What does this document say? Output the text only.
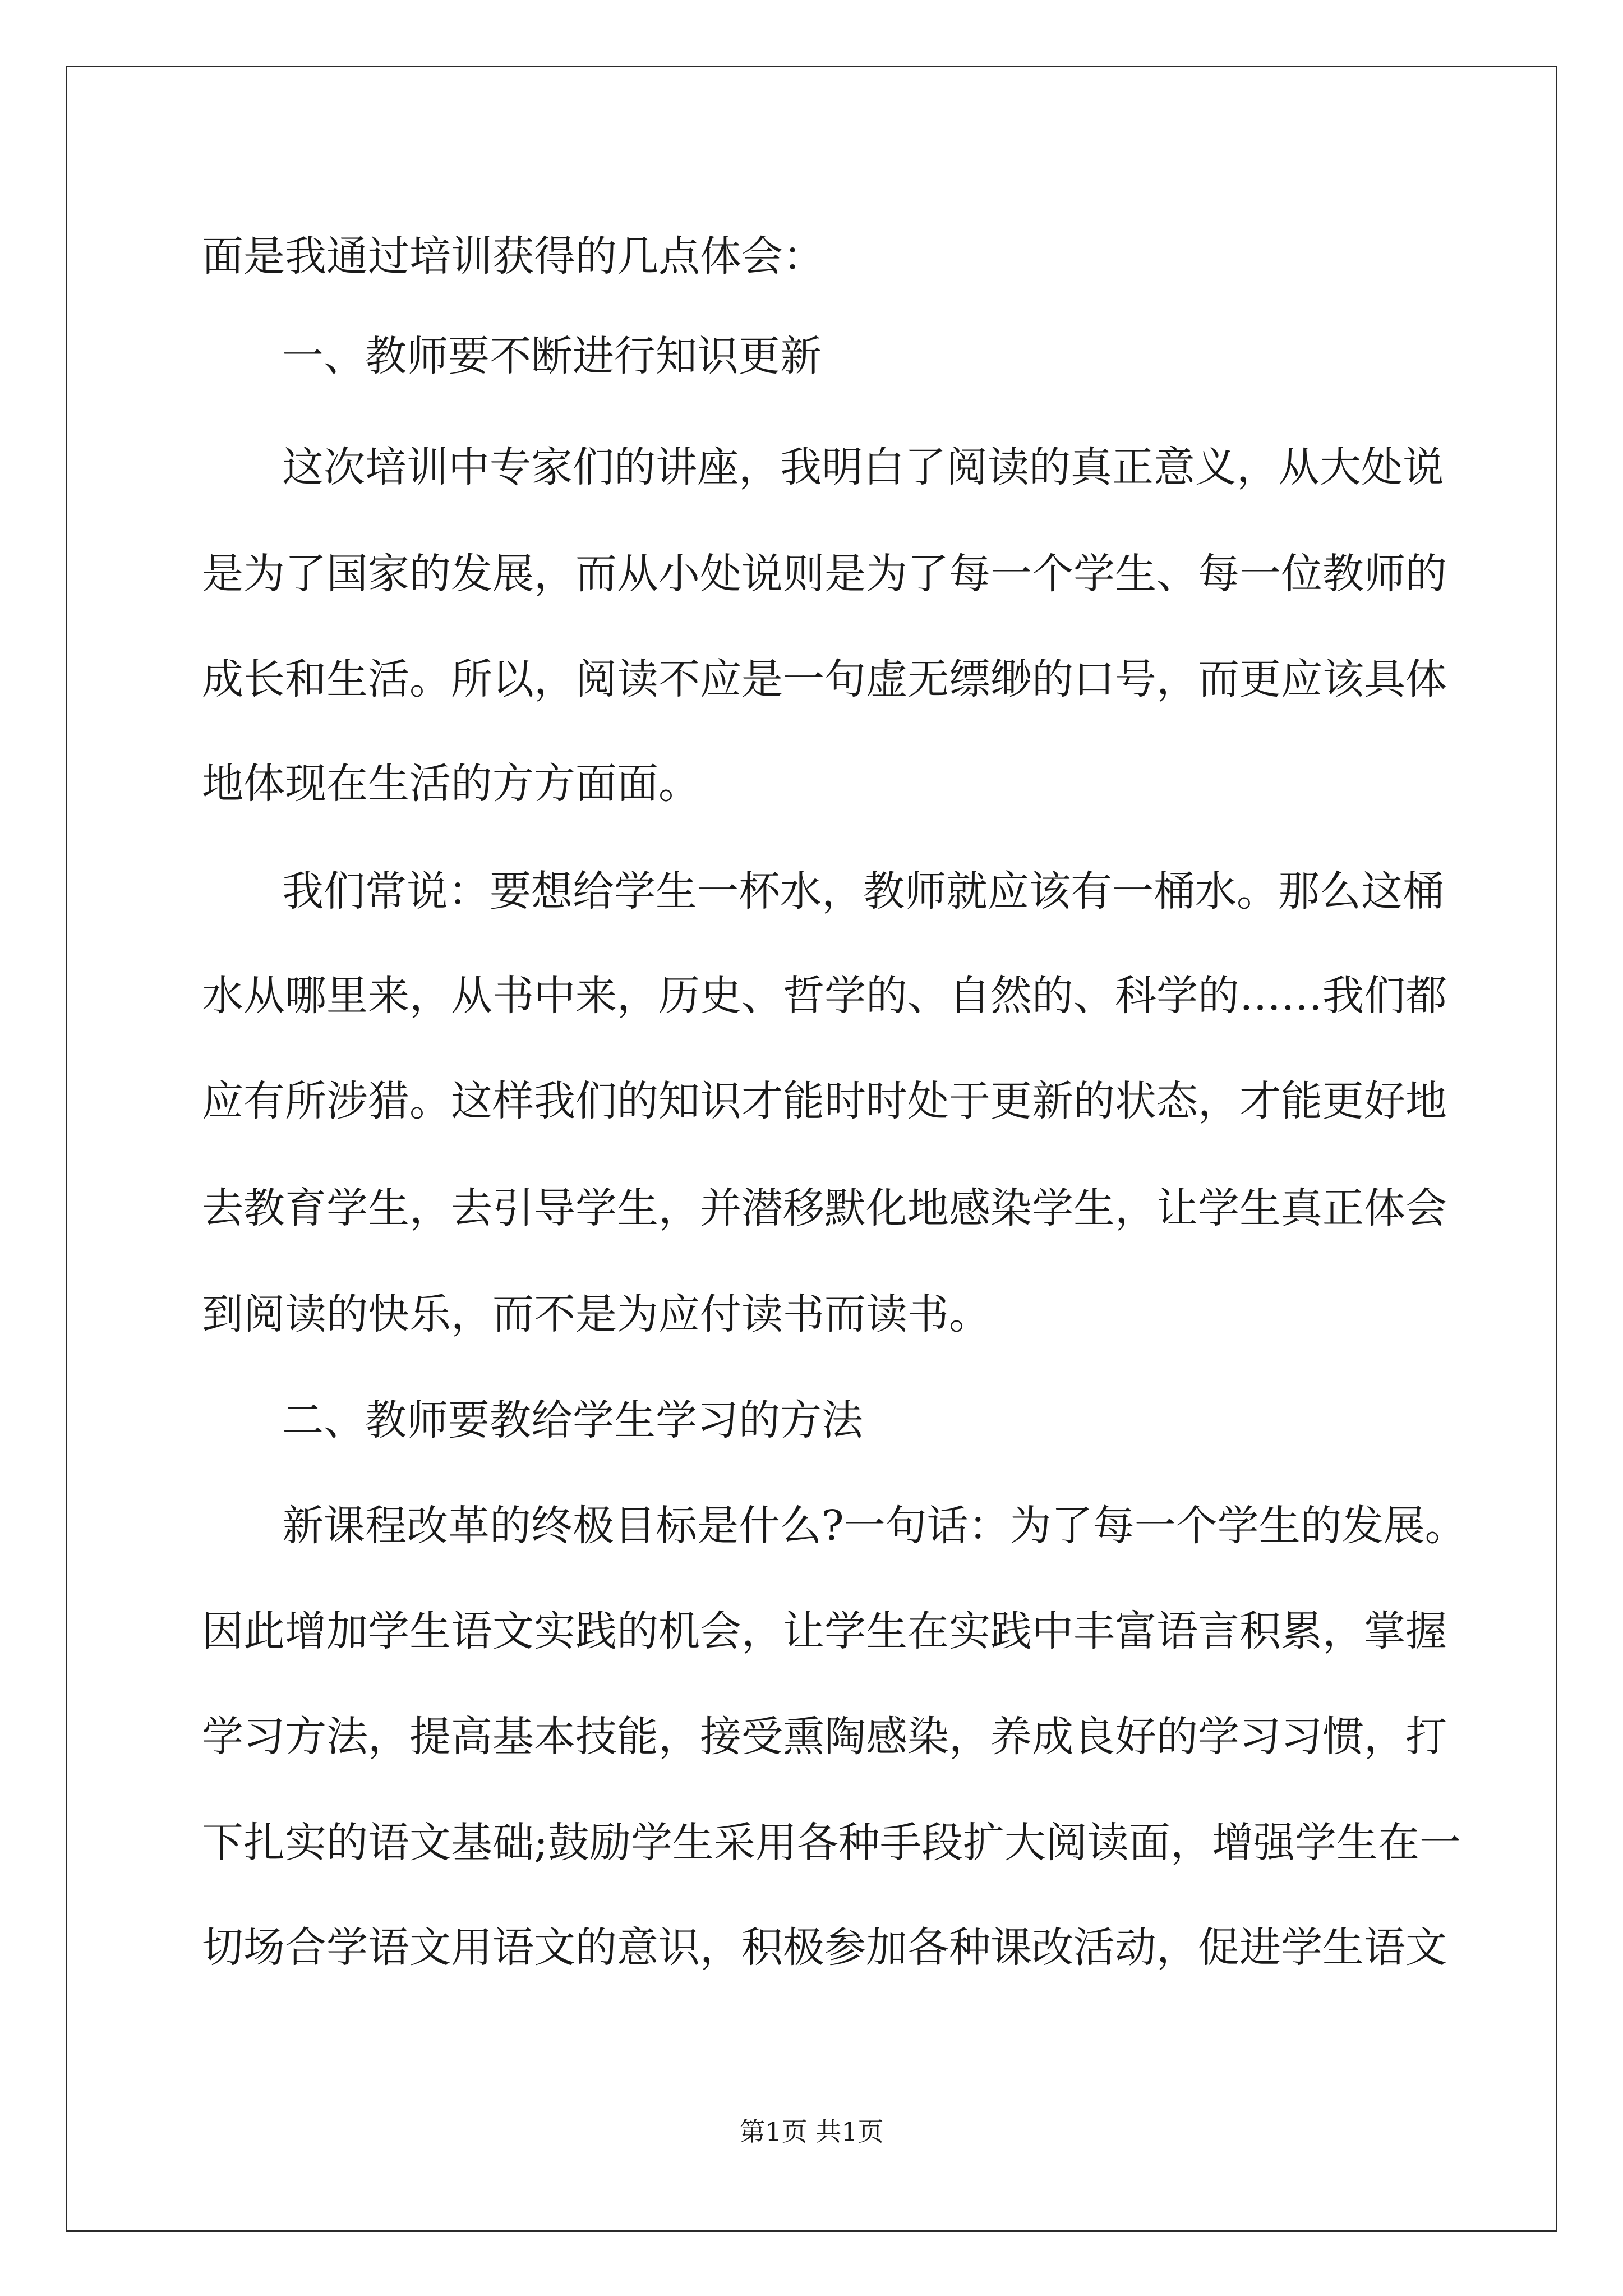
面是我通过培训获得的几点体会：
一、教师要不断进行知识更新
这次培训中专家们的讲座，我明白了阅读的真正意义，从大处说
是为了国家的发展，而从小处说则是为了每一个学生、每一位教师的
成长和生活。所以，阅读不应是一句虚无缥缈的口号，而更应该具体
地体现在生活的方方面面。
我们常说：要想给学生一杯水，教师就应该有一桶水。那么这桶
水从哪里来，从书中来，历史、哲学的、自然的、科学的……我们都
应有所涉猎。这样我们的知识才能时时处于更新的状态，才能更好地
去教育学生，去引导学生，并潜移默化地感染学生，让学生真正体会
到阅读的快乐，而不是为应付读书而读书。
二、教师要教给学生学习的方法
新课程改革的终极目标是什么?一句话：为了每一个学生的发展。
因此增加学生语文实践的机会，让学生在实践中丰富语言积累，掌握
学习方法，提高基本技能，接受熏陶感染，养成良好的学习习惯，打
下扎实的语文基础;鼓励学生采用各种手段扩大阅读面，增强学生在一
切场合学语文用语文的意识，积极参加各种课改活动，促进学生语文
第1页 共1页
